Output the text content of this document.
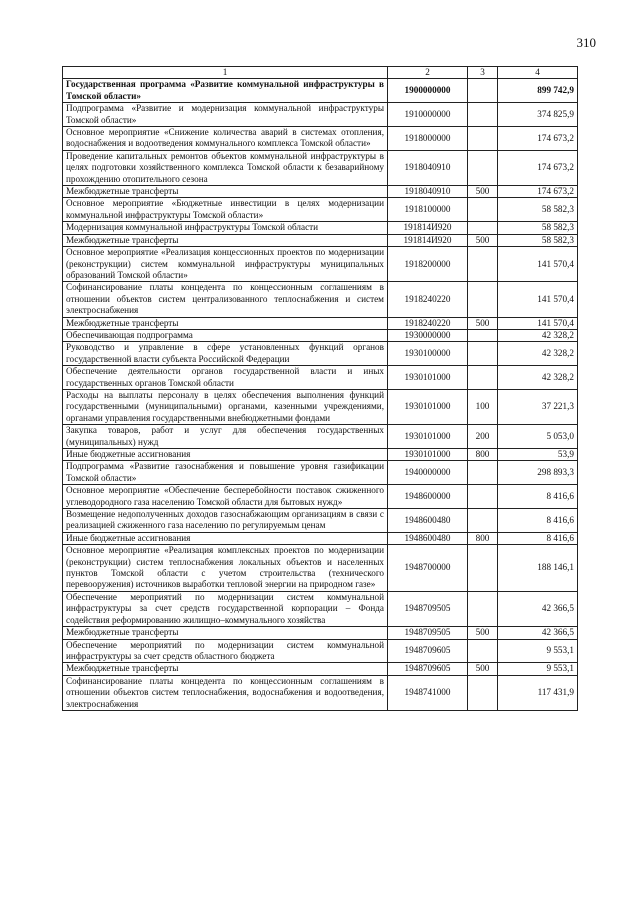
310
1	2	3	4
Государственная программа «Развитие коммунальной инфраструктуры в Томской области»	1900000000		899 742,9
Подпрограмма «Развитие и модернизация коммунальной инфраструктуры Томской области»	1910000000		374 825,9
Основное мероприятие «Снижение количества аварий в системах отопления, водоснабжения и водоотведения коммунального комплекса Томской области»	1918000000		174 673,2
Проведение капитальных ремонтов объектов коммунальной инфраструктуры в целях подготовки хозяйственного комплекса Томской области к безаварийному прохождению отопительного сезона	1918040910		174 673,2
Межбюджетные трансферты	1918040910	500	174 673,2
Основное мероприятие «Бюджетные инвестиции в целях модернизации коммунальной инфраструктуры Томской области»	1918100000		58 582,3
Модернизация коммунальной инфраструктуры Томской области	191814И920		58 582,3
Межбюджетные трансферты	191814И920	500	58 582,3
Основное мероприятие «Реализация концессионных проектов по модернизации (реконструкции) систем коммунальной инфраструктуры муниципальных образований Томской области»	1918200000		141 570,4
Софинансирование платы концедента по концессионным соглашениям в отношении объектов систем централизованного теплоснабжения и систем электроснабжения	1918240220		141 570,4
Межбюджетные трансферты	1918240220	500	141 570,4
Обеспечивающая подпрограмма	1930000000		42 328,2
Руководство и управление в сфере установленных функций органов государственной власти субъекта Российской Федерации	1930100000		42 328,2
Обеспечение деятельности органов государственной власти и иных государственных органов Томской области	1930101000		42 328,2
Расходы на выплаты персоналу в целях обеспечения выполнения функций государственными (муниципальными) органами, казенными учреждениями, органами управления государственными внебюджетными фондами	1930101000	100	37 221,3
Закупка товаров, работ и услуг для обеспечения государственных (муниципальных) нужд	1930101000	200	5 053,0
Иные бюджетные ассигнования	1930101000	800	53,9
Подпрограмма «Развитие газоснабжения и повышение уровня газификации Томской области»	1940000000		298 893,3
Основное мероприятие «Обеспечение бесперебойности поставок сжиженного углеводородного газа населению Томской области для бытовых нужд»	1948600000		8 416,6
Возмещение недополученных доходов газоснабжающим организациям в связи с реализацией сжиженного газа населению по регулируемым ценам	1948600480		8 416,6
Иные бюджетные ассигнования	1948600480	800	8 416,6
Основное мероприятие «Реализация комплексных проектов по модернизации (реконструкции) систем теплоснабжения локальных объектов и населенных пунктов Томской области с учетом строительства (технического перевооружения) источников выработки тепловой энергии на природном газе»	1948700000		188 146,1
Обеспечение мероприятий по модернизации систем коммунальной инфраструктуры за счет средств государственной корпорации – Фонда содействия реформированию жилищно–коммунального хозяйства	1948709505		42 366,5
Межбюджетные трансферты	1948709505	500	42 366,5
Обеспечение мероприятий по модернизации систем коммунальной инфраструктуры за счет средств областного бюджета	1948709605		9 553,1
Межбюджетные трансферты	1948709605	500	9 553,1
Софинансирование платы концедента по концессионным соглашениям в отношении объектов систем теплоснабжения, водоснабжения и водоотведения, электроснабжения	1948741000		117 431,9
